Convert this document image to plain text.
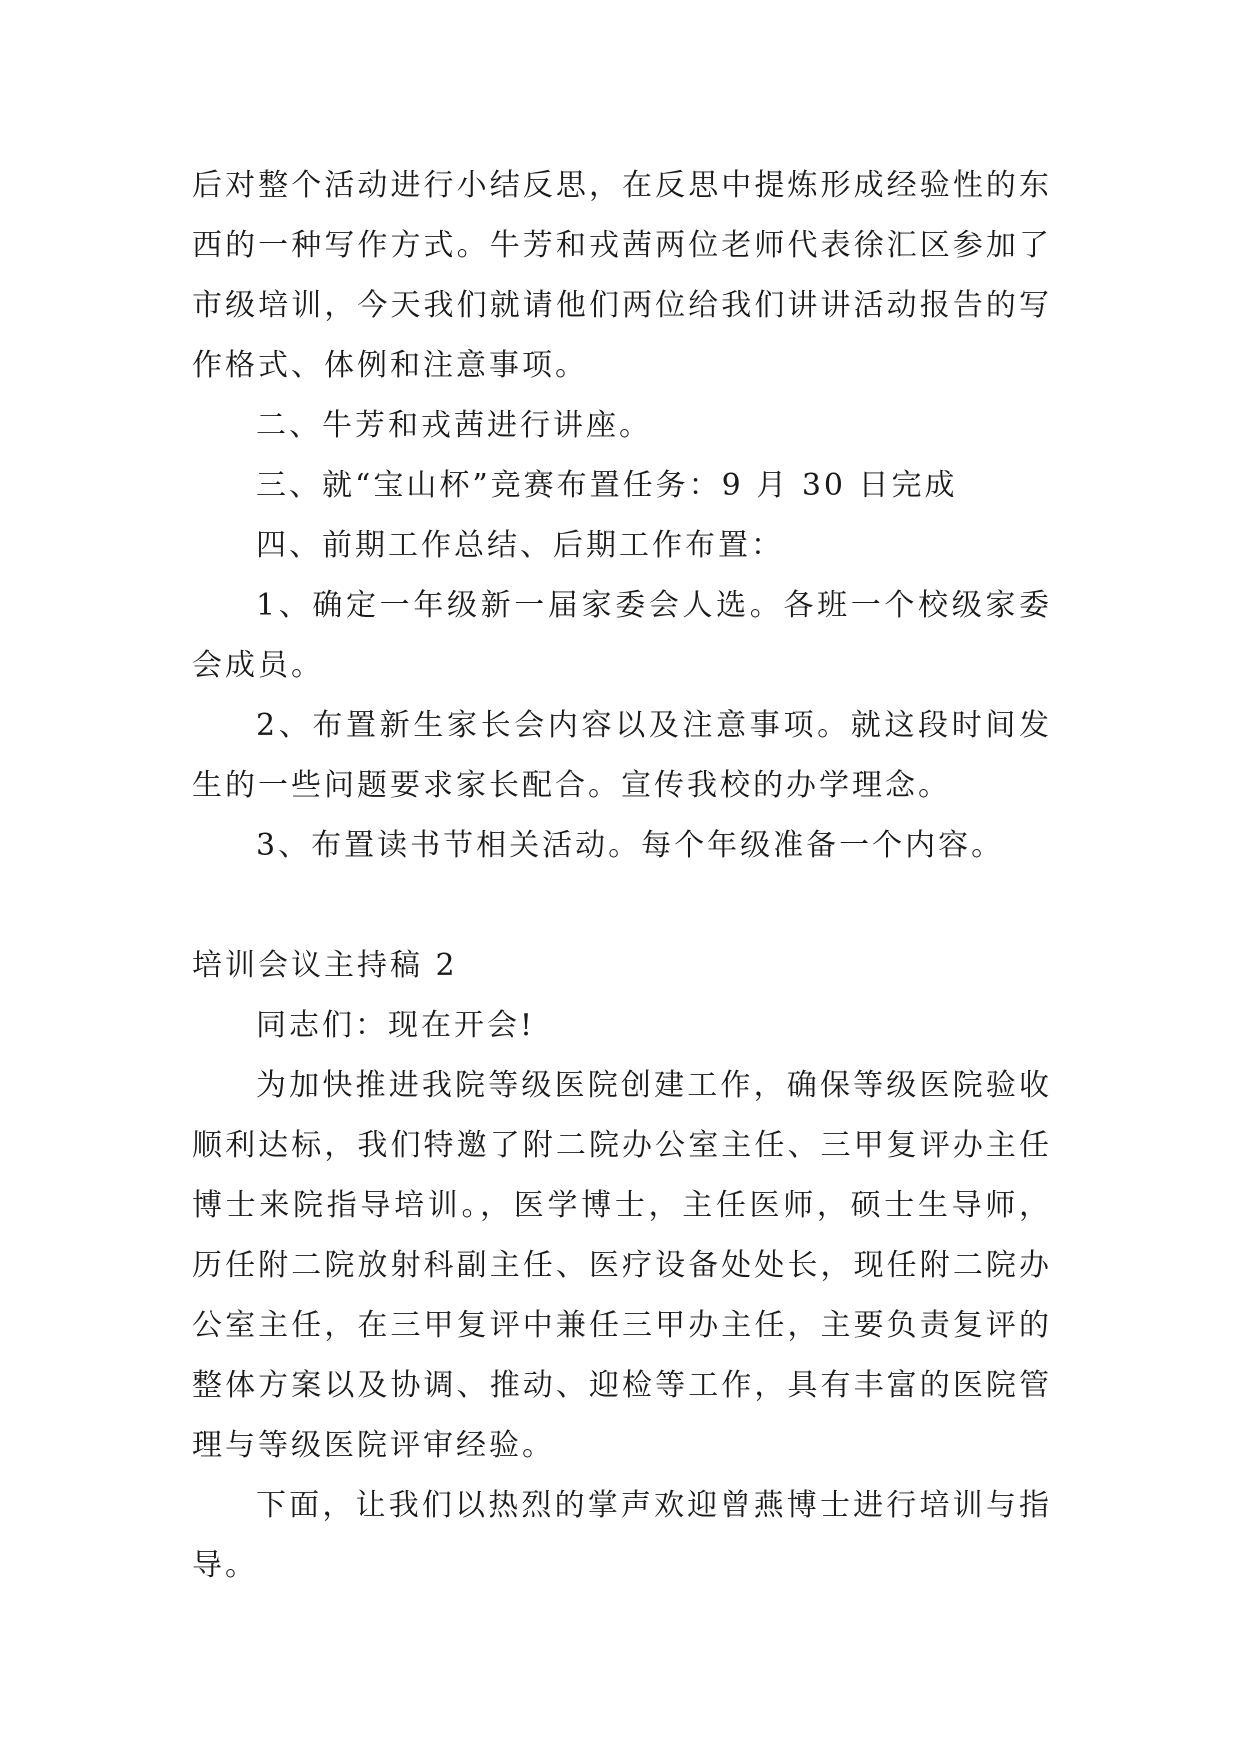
后对整个活动进行小结反思，在反思中提炼形成经验性的东
西的一种写作方式。牛芳和戎茜两位老师代表徐汇区参加了
市级培训，今天我们就请他们两位给我们讲讲活动报告的写
作格式、体例和注意事项。
二、牛芳和戎茜进行讲座。
三、就“宝山杯”竞赛布置任务：9 月 30 日完成
四、前期工作总结、后期工作布置：
1、确定一年级新一届家委会人选。各班一个校级家委
会成员。
2、布置新生家长会内容以及注意事项。就这段时间发
生的一些问题要求家长配合。宣传我校的办学理念。
3、布置读书节相关活动。每个年级准备一个内容。
培训会议主持稿 2
同志们：现在开会!
为加快推进我院等级医院创建工作，确保等级医院验收
顺利达标，我们特邀了附二院办公室主任、三甲复评办主任
博士来院指导培训。，医学博士，主任医师，硕士生导师，
历任附二院放射科副主任、医疗设备处处长，现任附二院办
公室主任，在三甲复评中兼任三甲办主任，主要负责复评的
整体方案以及协调、推动、迎检等工作，具有丰富的医院管
理与等级医院评审经验。
下面，让我们以热烈的掌声欢迎曾燕博士进行培训与指
导。
